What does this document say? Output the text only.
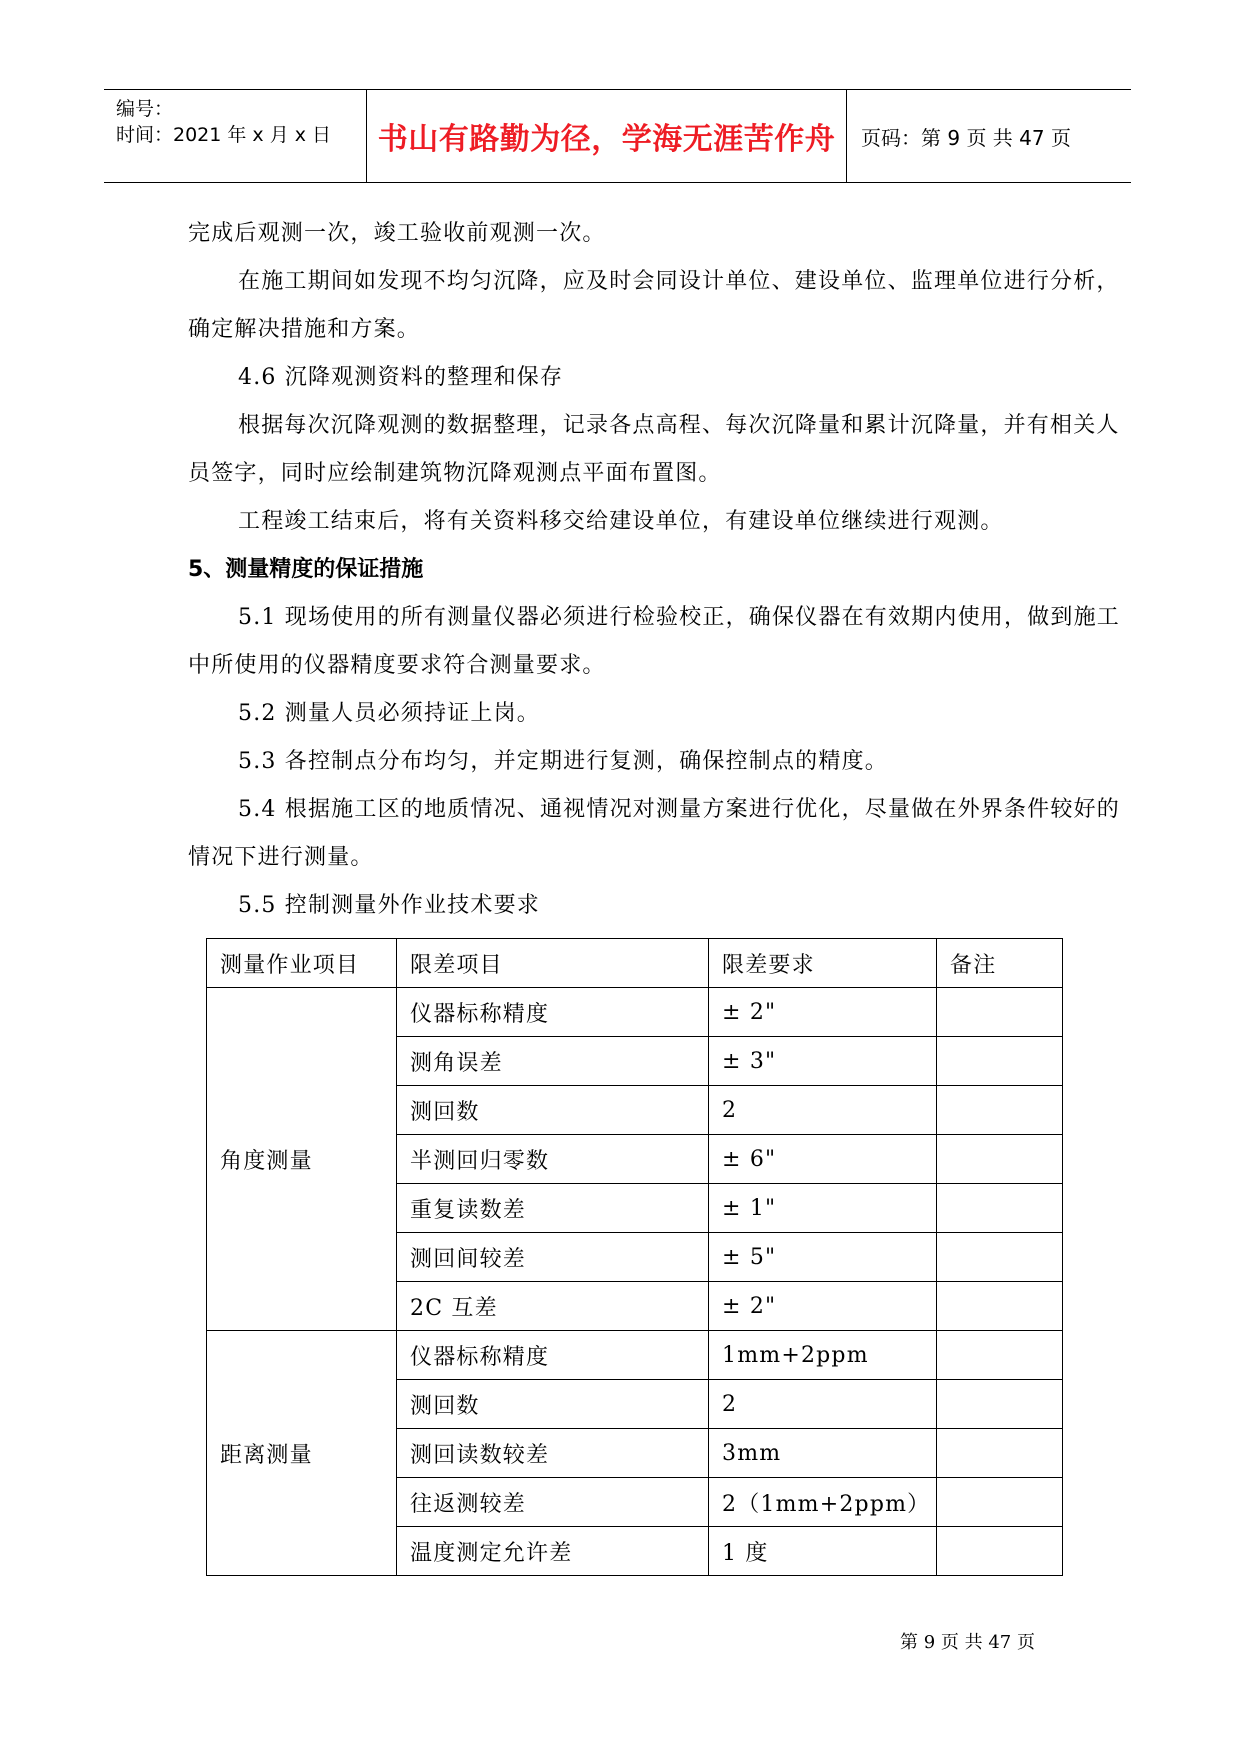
编号：
时间：2021 年 x 月 x 日 书山有路勤为径，学海无涯苦作舟 页码：第 9 页 共 47 页

完成后观测一次，竣工验收前观测一次。

在施工期间如发现不均匀沉降，应及时会同设计单位、建设单位、监理单位进行分析，确定解决措施和方案。

4.6 沉降观测资料的整理和保存

根据每次沉降观测的数据整理，记录各点高程、每次沉降量和累计沉降量，并有相关人员签字，同时应绘制建筑物沉降观测点平面布置图。

工程竣工结束后，将有关资料移交给建设单位，有建设单位继续进行观测。

5、测量精度的保证措施

5.1 现场使用的所有测量仪器必须进行检验校正，确保仪器在有效期内使用，做到施工中所使用的仪器精度要求符合测量要求。

5.2 测量人员必须持证上岗。

5.3 各控制点分布均匀，并定期进行复测，确保控制点的精度。

5.4 根据施工区的地质情况、通视情况对测量方案进行优化，尽量做在外界条件较好的情况下进行测量。

5.5 控制测量外作业技术要求

测量作业项目	限差项目	限差要求	备注
角度测量	仪器标称精度	± 2"	
	测角误差	± 3"	
	测回数	2	
	半测回归零数	± 6"	
	重复读数差	± 1"	
	测回间较差	± 5"	
	2C 互差	± 2"	
距离测量	仪器标称精度	1mm+2ppm	
	测回数	2	
	测回读数较差	3mm	
	往返测较差	2（1mm+2ppm）	
	温度测定允许差	1 度	
第 9 页 共 47 页
